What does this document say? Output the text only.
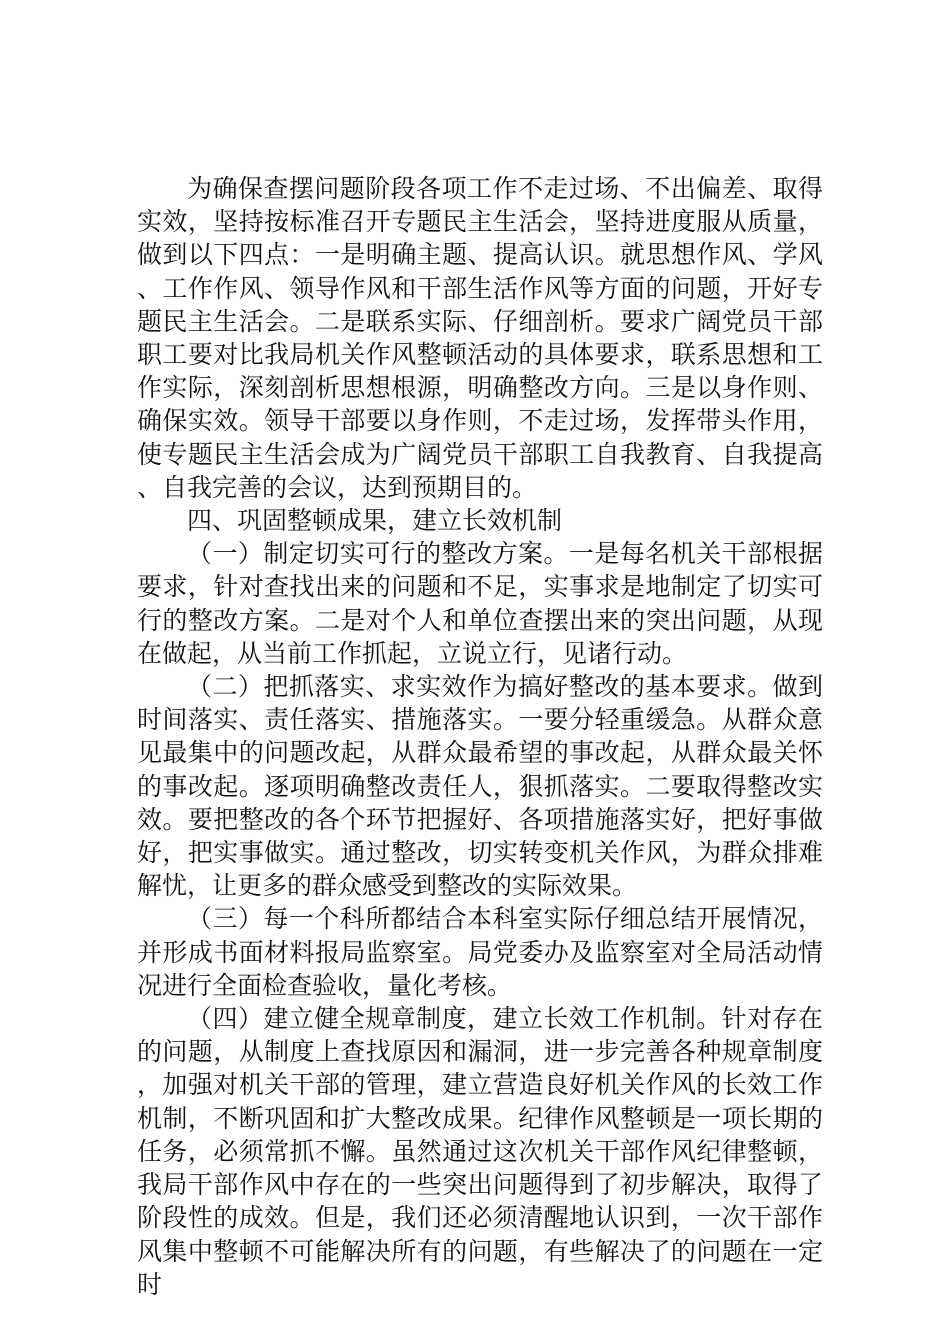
为确保查摆问题阶段各项工作不走过场、不出偏差、取得实效，坚持按标准召开专题民主生活会，坚持进度服从质量，做到以下四点：一是明确主题、提高认识。就思想作风、学风、工作作风、领导作风和干部生活作风等方面的问题，开好专题民主生活会。二是联系实际、仔细剖析。要求广阔党员干部职工要对比我局机关作风整顿活动的具体要求，联系思想和工作实际，深刻剖析思想根源，明确整改方向。三是以身作则、确保实效。领导干部要以身作则，不走过场，发挥带头作用，使专题民主生活会成为广阔党员干部职工自我教育、自我提高、自我完善的会议，达到预期目的。

四、巩固整顿成果，建立长效机制

（一）制定切实可行的整改方案。一是每名机关干部根据要求，针对查找出来的问题和不足，实事求是地制定了切实可行的整改方案。二是对个人和单位查摆出来的突出问题，从现在做起，从当前工作抓起，立说立行，见诸行动。

（二）把抓落实、求实效作为搞好整改的基本要求。做到时间落实、责任落实、措施落实。一要分轻重缓急。从群众意见最集中的问题改起，从群众最希望的事改起，从群众最关怀的事改起。逐项明确整改责任人，狠抓落实。二要取得整改实效。要把整改的各个环节把握好、各项措施落实好，把好事做好，把实事做实。通过整改，切实转变机关作风，为群众排难解忧，让更多的群众感受到整改的实际效果。

（三）每一个科所都结合本科室实际仔细总结开展情况，并形成书面材料报局监察室。局党委办及监察室对全局活动情况进行全面检查验收，量化考核。

（四）建立健全规章制度，建立长效工作机制。针对存在的问题，从制度上查找原因和漏洞，进一步完善各种规章制度，加强对机关干部的管理，建立营造良好机关作风的长效工作机制，不断巩固和扩大整改成果。纪律作风整顿是一项长期的任务，必须常抓不懈。虽然通过这次机关干部作风纪律整顿，我局干部作风中存在的一些突出问题得到了初步解决，取得了阶段性的成效。但是，我们还必须清醒地认识到，一次干部作风集中整顿不可能解决所有的问题，有些解决了的问题在一定时
